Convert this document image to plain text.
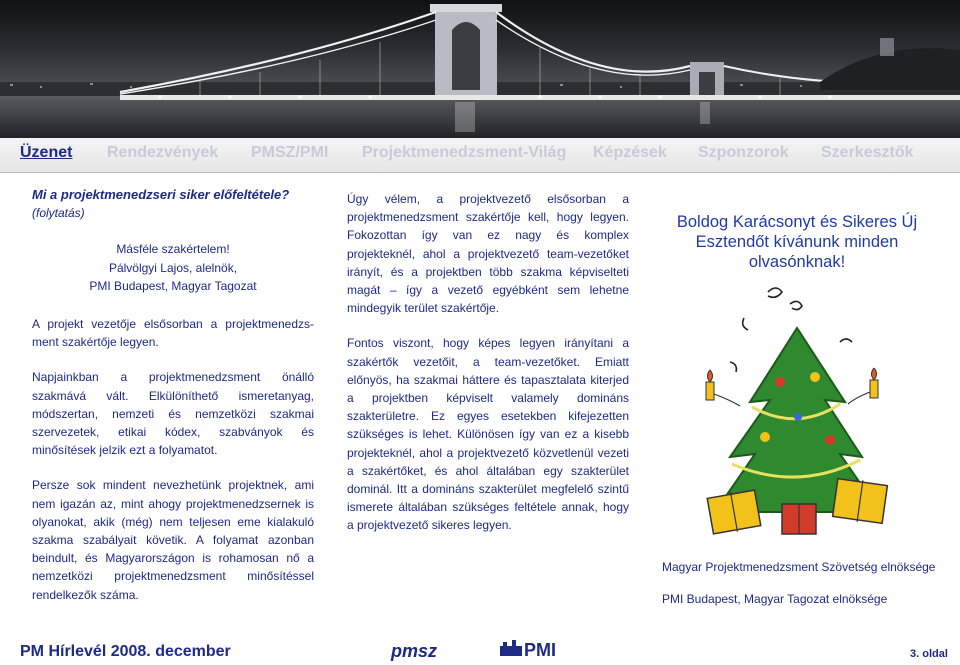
Üzenet Rendezvények PMSZ/PMI Projektmenedzsment-Világ Képzések Szponzorok Szerkesztők

Mi a projektmenedzseri siker előfeltétele?

(folytatás)

Másféle szakértelem!

Pálvölgyi Lajos, alelnök,

PMI Budapest, Magyar Tagozat

A projekt vezetője elsősorban a projektmenedzs-ment szakértője legyen.

Napjainkban a projektmenedzsment önálló szakmává vált. Elkülöníthető ismeretanyag, módszertan, nemzeti és nemzetközi szakmai szervezetek, etikai kódex, szabványok és minősítések jelzik ezt a folyamatot.

Persze sok mindent nevezhetünk projektnek, ami nem igazán az, mint ahogy projektmenedzsernek is olyanokat, akik (még) nem teljesen eme kialakuló szakma szabályait követik. A folyamat azonban beindult, és Magyarországon is rohamosan nő a nemzetközi projektmenedzsment minősítéssel rendelkezők száma.

Úgy vélem, a projektvezető elsősorban a projektmenedzsment szakértője kell, hogy legyen. Fokozottan így van ez nagy és komplex projekteknél, ahol a projektvezető team-vezetőket irányít, és a projektben több szakma képviselteti magát – így a vezető egyébként sem lehetne mindegyik terület szakértője.

Fontos viszont, hogy képes legyen irányítani a szakértők vezetőit, a team-vezetőket. Emiatt előnyös, ha szakmai háttere és tapasztalata kiterjed a projektben képviselt valamely domináns szakterületre. Ez egyes esetekben kifejezetten szükséges is lehet. Különösen így van ez a kisebb projekteknél, ahol a projektvezető közvetlenül vezeti a szakértőket, és ahol általában egy szakterület dominál. Itt a domináns szakterület megfelelő szintű ismerete általában szükséges feltétele annak, hogy a projektvezető sikeres legyen.

Boldog Karácsonyt és Sikeres Új Esztendőt kívánunk minden olvasónknak!

Magyar Projektmenedzsment Szövetség elnöksége

PMI Budapest, Magyar Tagozat elnöksége

PM Hírlevél 2008. december	pmsz	PMI	3. oldal
